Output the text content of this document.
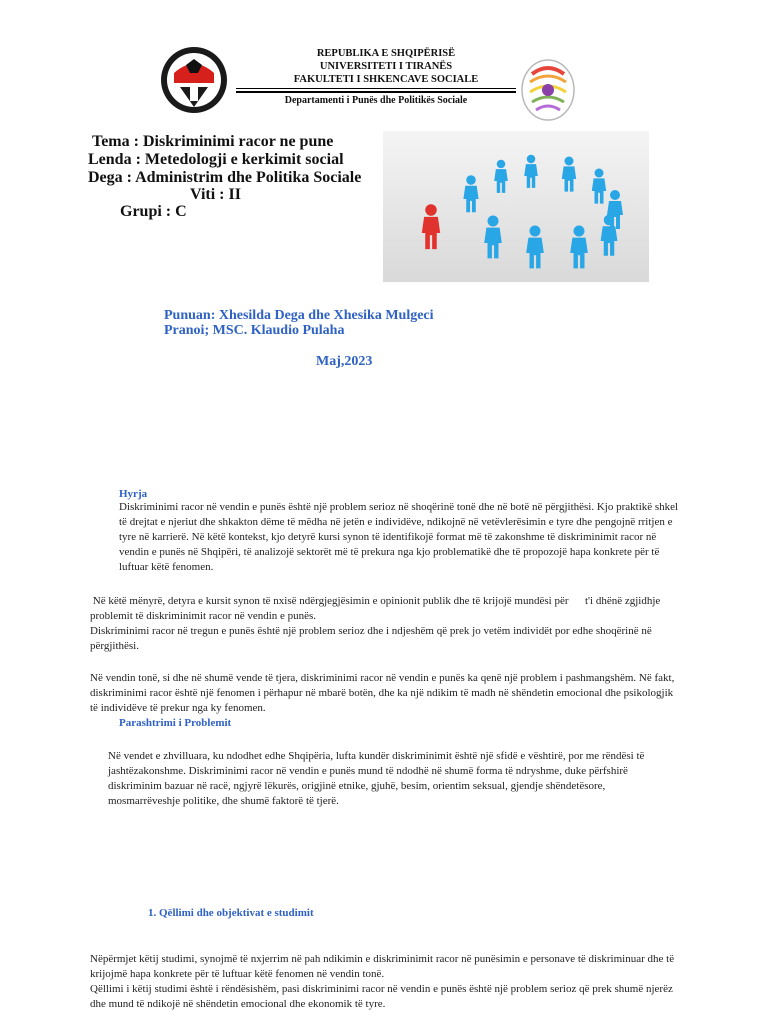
REPUBLIKA E SHQIPËRISË
UNIVERSITETI I TIRANËS
FAKULTETI I SHKENCAVE SOCIALE
Departamenti i Punës dhe Politikës Sociale
Tema : Diskriminimi racor ne pune
Lenda : Metedologji e kerkimit social
Dega : Administrim dhe Politika Sociale
Viti : II
Grupi : C
Punuan: Xhesilda Dega dhe Xhesika Mulgeci
Pranoi; MSC. Klaudio Pulaha
Maj,2023
Hyrja
Diskriminimi racor në vendin e punës është një problem serioz në shoqërinë tonë dhe në botë në përgjithësi. Kjo praktikë shkel të drejtat e njeriut dhe shkakton dëme të mëdha në jetën e individëve, ndikojnë në vetëvlerësimin e tyre dhe pengojnë rritjen e tyre në karrierë. Në këtë kontekst, kjo detyrë kursi synon të identifikojë format më të zakonshme të diskriminimit racor në vendin e punës në Shqipëri, të analizojë sektorët më të prekura nga kjo problematikë dhe të propozojë hapa konkrete për të luftuar këtë fenomen.
Në këtë mënyrë, detyra e kursit synon të nxisë ndërgjegjësimin e opinionit publik dhe të krijojë mundësi për      t'i dhënë zgjidhje problemit të diskriminimit racor në vendin e punës.
Diskriminimi racor në tregun e punës është një problem serioz dhe i ndjeshëm që prek jo vetëm individët por edhe shoqërinë në përgjithësi.
Në vendin tonë, si dhe në shumë vende të tjera, diskriminimi racor në vendin e punës ka qenë një problem i pashmangshëm. Në fakt, diskriminimi racor është një fenomen i përhapur në mbarë botën, dhe ka një ndikim të madh në shëndetin emocional dhe psikologjik të individëve të prekur nga ky fenomen.
Parashtrimi i Problemit
Në vendet e zhvilluara, ku ndodhet edhe Shqipëria, lufta kundër diskriminimit është një sfidë e vështirë, por me rëndësi të jashtëzakonshme. Diskriminimi racor në vendin e punës mund të ndodhë në shumë forma të ndryshme, duke përfshirë diskriminim bazuar në racë, ngjyrë lëkurës, origjinë etnike, gjuhë, besim, orientim seksual, gjendje shëndetësore, mosmarrëveshje politike, dhe shumë faktorë të tjerë.
1. Qëllimi dhe objektivat e studimit
Nëpërmjet këtij studimi, synojmë të nxjerrim në pah ndikimin e diskriminimit racor në punësimin e personave të diskriminuar dhe të krijojmë hapa konkrete për të luftuar këtë fenomen në vendin tonë.
Qëllimi i këtij studimi është i rëndësishëm, pasi diskriminimi racor në vendin e punës është një problem serioz që prek shumë njerëz dhe mund të ndikojë në shëndetin emocional dhe ekonomik të tyre.
